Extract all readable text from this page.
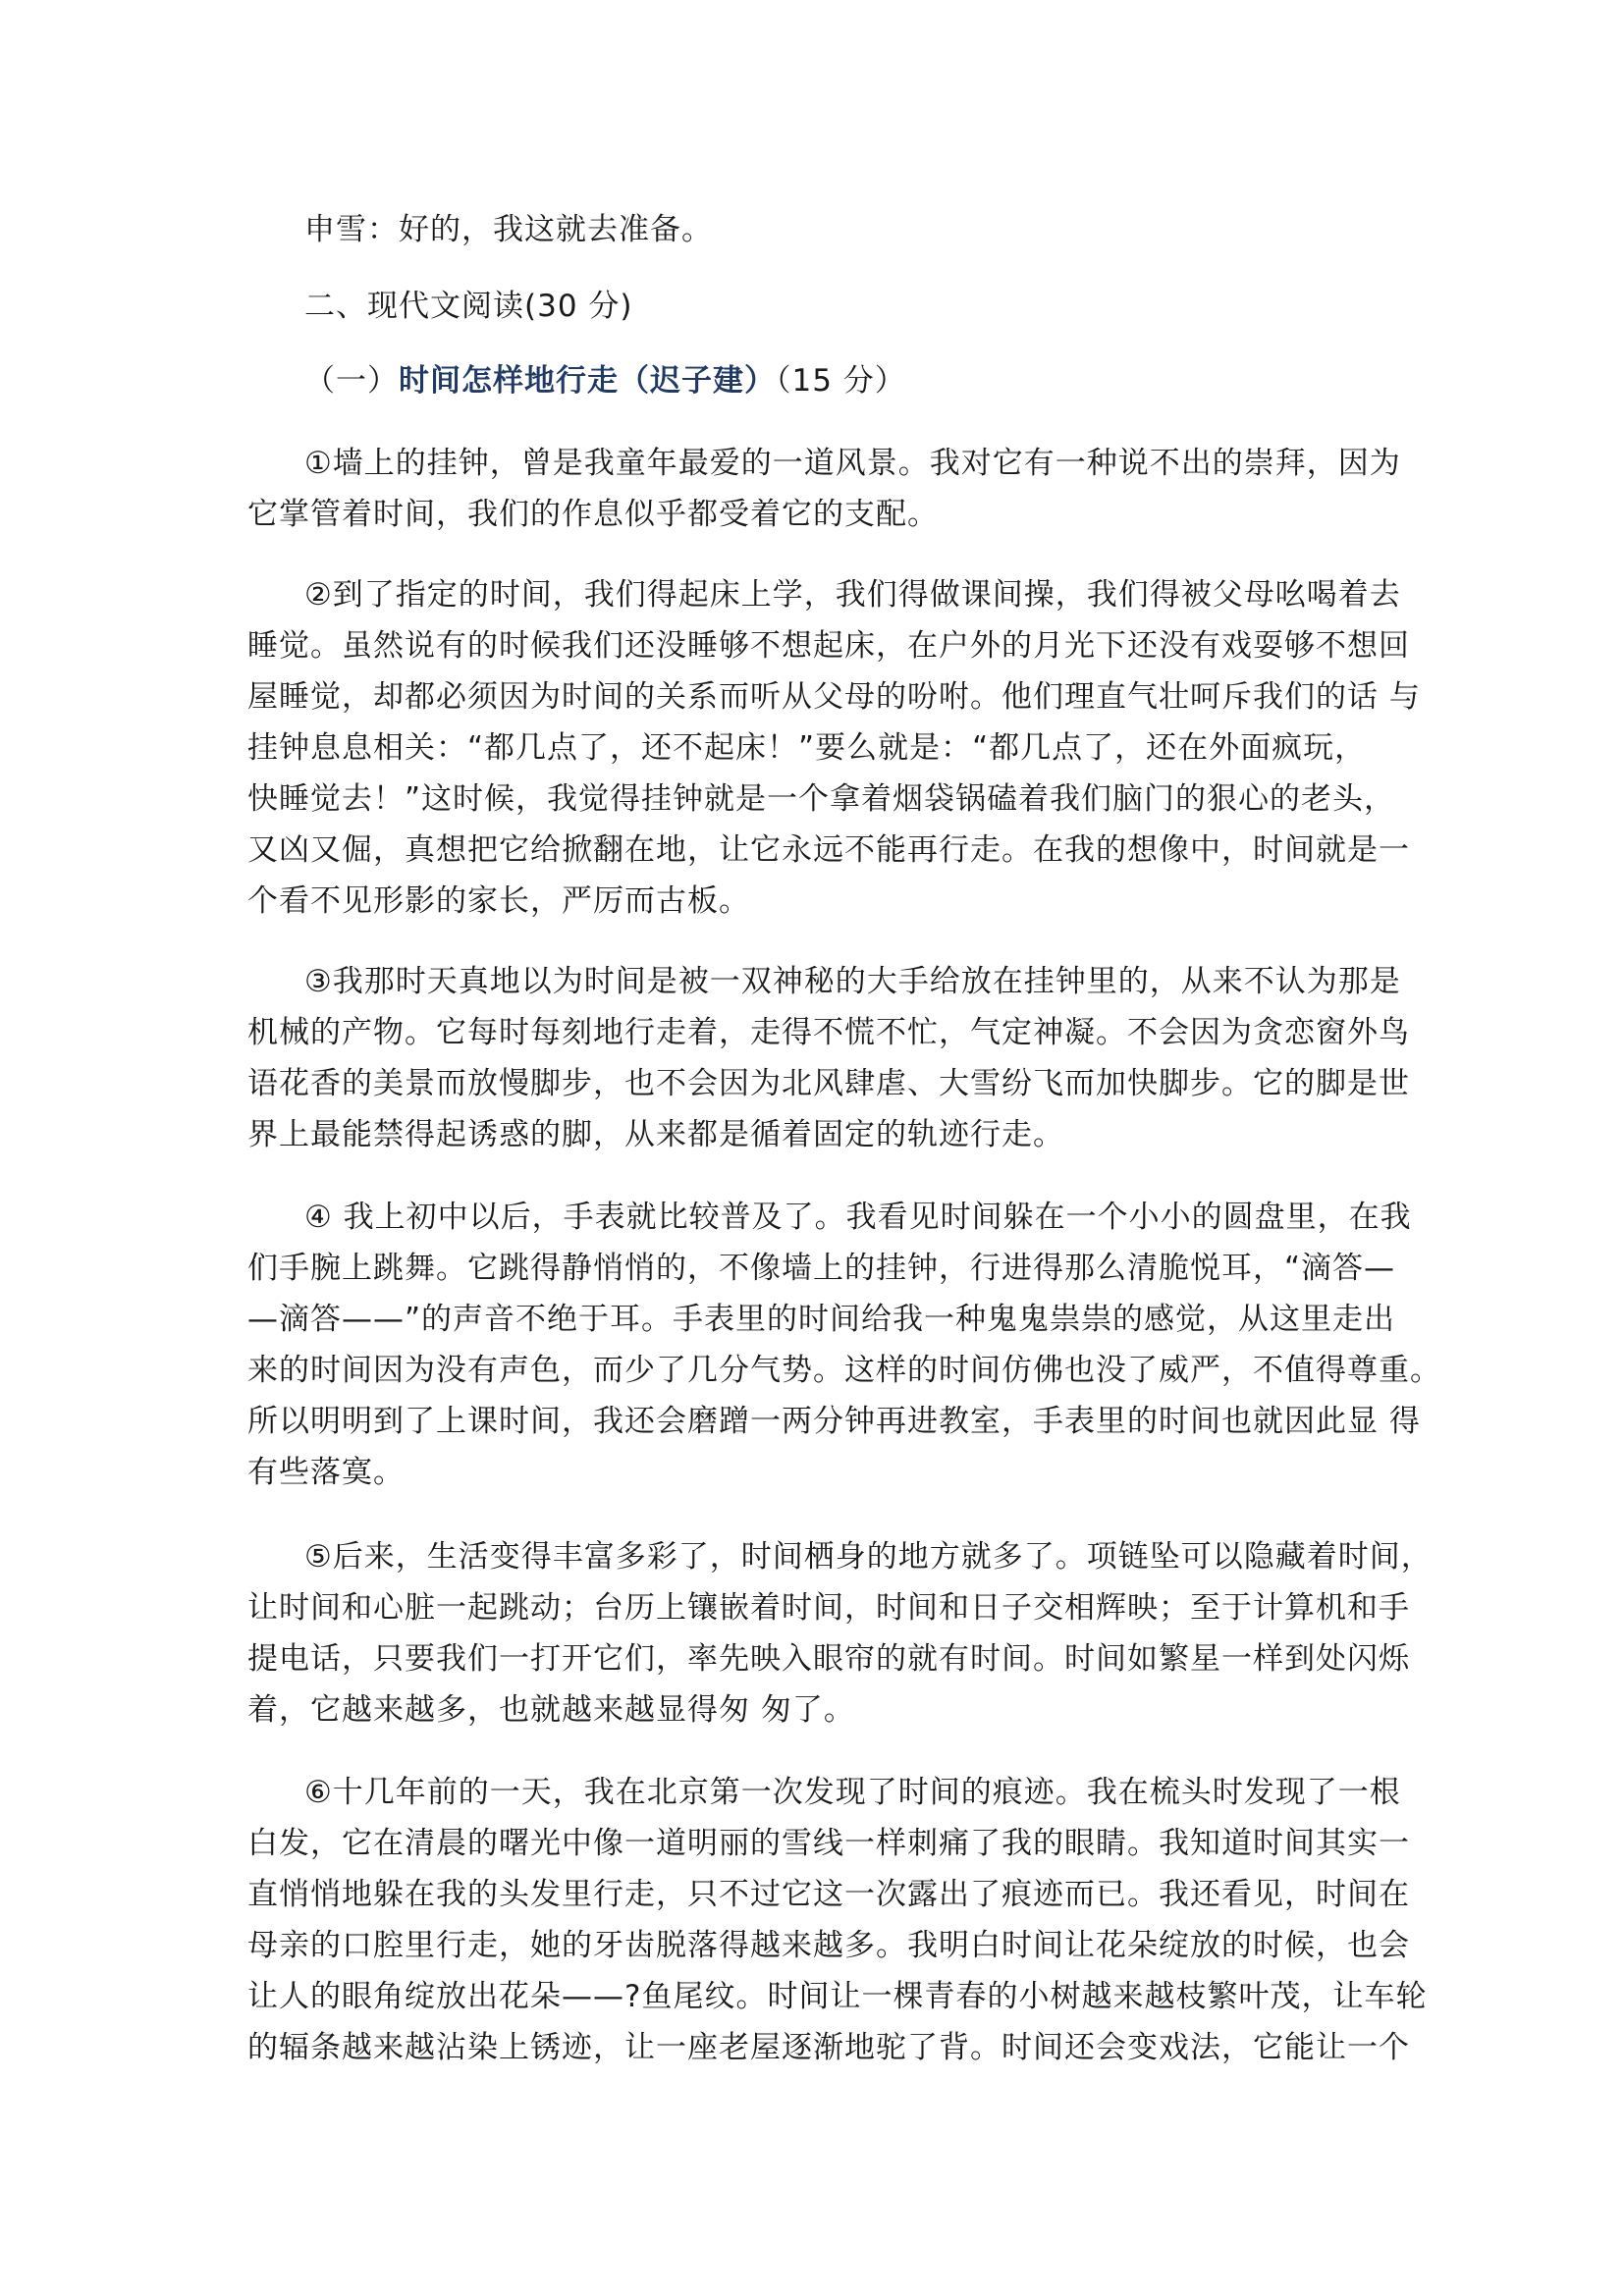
申雪：好的，我这就去准备。
二、现代文阅读(30 分)
（一）时间怎样地行走（迟子建）（15 分）
①墙上的挂钟，曾是我童年最爱的一道风景。我对它有一种说不出的崇拜，因为
它掌管着时间，我们的作息似乎都受着它的支配。
②到了指定的时间，我们得起床上学，我们得做课间操，我们得被父母吆喝着去
睡觉。虽然说有的时候我们还没睡够不想起床，在户外的月光下还没有戏耍够不想回
屋睡觉，却都必须因为时间的关系而听从父母的吩咐。他们理直气壮呵斥我们的话 与
挂钟息息相关：“都几点了，还不起床！”要么就是：“都几点了，还在外面疯玩，
快睡觉去！”这时候，我觉得挂钟就是一个拿着烟袋锅磕着我们脑门的狠心的老头，
又凶又倔，真想把它给掀翻在地，让它永远不能再行走。在我的想像中，时间就是一
个看不见形影的家长，严厉而古板。
③我那时天真地以为时间是被一双神秘的大手给放在挂钟里的，从来不认为那是
机械的产物。它每时每刻地行走着，走得不慌不忙，气定神凝。不会因为贪恋窗外鸟
语花香的美景而放慢脚步，也不会因为北风肆虐、大雪纷飞而加快脚步。它的脚是世
界上最能禁得起诱惑的脚，从来都是循着固定的轨迹行走。
④ 我上初中以后，手表就比较普及了。我看见时间躲在一个小小的圆盘里，在我
们手腕上跳舞。它跳得静悄悄的，不像墙上的挂钟，行进得那么清脆悦耳，“滴答—
—滴答——”的声音不绝于耳。手表里的时间给我一种鬼鬼祟祟的感觉，从这里走出
来的时间因为没有声色，而少了几分气势。这样的时间仿佛也没了威严，不值得尊重。
所以明明到了上课时间，我还会磨蹭一两分钟再进教室，手表里的时间也就因此显 得
有些落寞。
⑤后来，生活变得丰富多彩了，时间栖身的地方就多了。项链坠可以隐藏着时间，
让时间和心脏一起跳动；台历上镶嵌着时间，时间和日子交相辉映；至于计算机和手
提电话，只要我们一打开它们，率先映入眼帘的就有时间。时间如繁星一样到处闪烁
着，它越来越多，也就越来越显得匆 匆了。
⑥十几年前的一天，我在北京第一次发现了时间的痕迹。我在梳头时发现了一根
白发，它在清晨的曙光中像一道明丽的雪线一样刺痛了我的眼睛。我知道时间其实一
直悄悄地躲在我的头发里行走，只不过它这一次露出了痕迹而已。我还看见，时间在
母亲的口腔里行走，她的牙齿脱落得越来越多。我明白时间让花朵绽放的时候，也会
让人的眼角绽放出花朵——?鱼尾纹。时间让一棵青春的小树越来越枝繁叶茂，让车轮
的辐条越来越沾染上锈迹，让一座老屋逐渐地驼了背。时间还会变戏法，它能让一个
